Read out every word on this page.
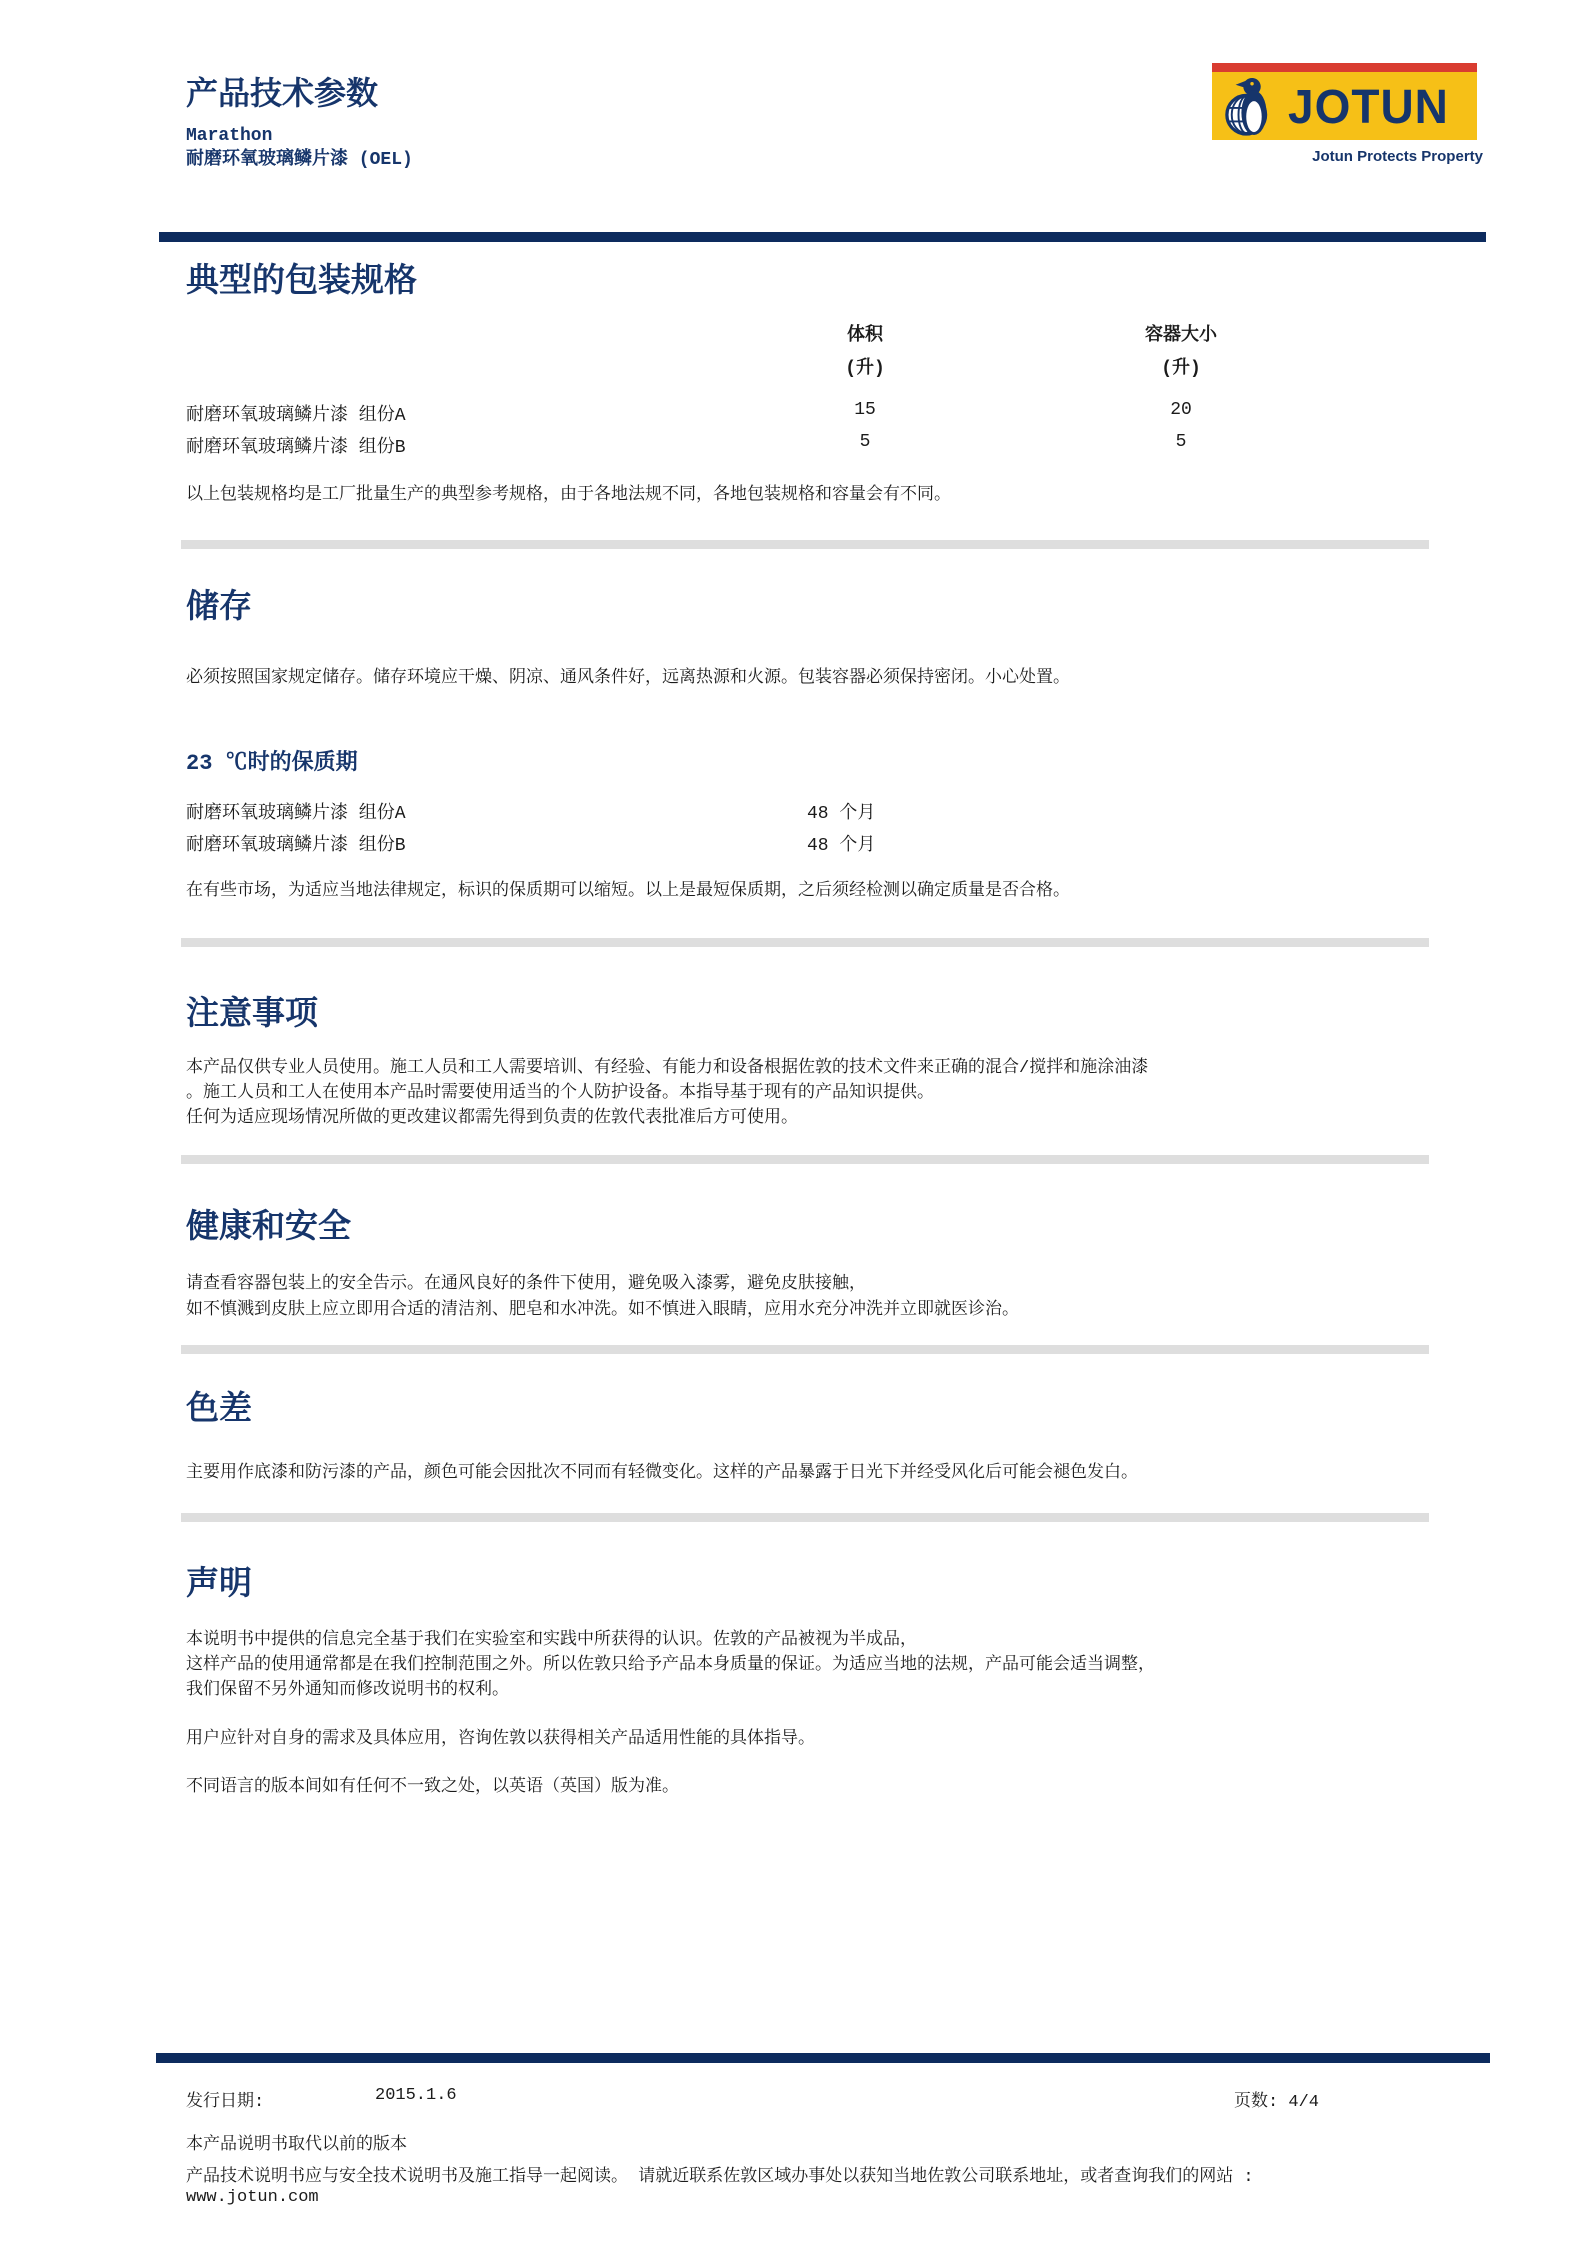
产品技术参数
Marathon
耐磨环氧玻璃鳞片漆 (OEL)
JOTUN
Jotun Protects Property
典型的包装规格
体积
(升)
容器大小
(升)
耐磨环氧玻璃鳞片漆 组份A	15	20
耐磨环氧玻璃鳞片漆 组份B	5	5
以上包装规格均是工厂批量生产的典型参考规格，由于各地法规不同，各地包装规格和容量会有不同。
储存
必须按照国家规定储存。储存环境应干燥、阴凉、通风条件好，远离热源和火源。包装容器必须保持密闭。小心处置。
23 ℃时的保质期
耐磨环氧玻璃鳞片漆 组份A	48 个月
耐磨环氧玻璃鳞片漆 组份B	48 个月
在有些市场，为适应当地法律规定，标识的保质期可以缩短。以上是最短保质期，之后须经检测以确定质量是否合格。
注意事项
本产品仅供专业人员使用。施工人员和工人需要培训、有经验、有能力和设备根据佐敦的技术文件来正确的混合/搅拌和施涂油漆
。施工人员和工人在使用本产品时需要使用适当的个人防护设备。本指导基于现有的产品知识提供。
任何为适应现场情况所做的更改建议都需先得到负责的佐敦代表批准后方可使用。
健康和安全
请查看容器包装上的安全告示。在通风良好的条件下使用，避免吸入漆雾，避免皮肤接触，
如不慎溅到皮肤上应立即用合适的清洁剂、肥皂和水冲洗。如不慎进入眼睛，应用水充分冲洗并立即就医诊治。
色差
主要用作底漆和防污漆的产品，颜色可能会因批次不同而有轻微变化。这样的产品暴露于日光下并经受风化后可能会褪色发白。
声明
本说明书中提供的信息完全基于我们在实验室和实践中所获得的认识。佐敦的产品被视为半成品，
这样产品的使用通常都是在我们控制范围之外。所以佐敦只给予产品本身质量的保证。为适应当地的法规，产品可能会适当调整，
我们保留不另外通知而修改说明书的权利。
用户应针对自身的需求及具体应用，咨询佐敦以获得相关产品适用性能的具体指导。
不同语言的版本间如有任何不一致之处，以英语（英国）版为准。
发行日期:	2015.1.6	页数: 4/4
本产品说明书取代以前的版本
产品技术说明书应与安全技术说明书及施工指导一起阅读。 请就近联系佐敦区域办事处以获知当地佐敦公司联系地址，或者查询我们的网站 :
www.jotun.com
